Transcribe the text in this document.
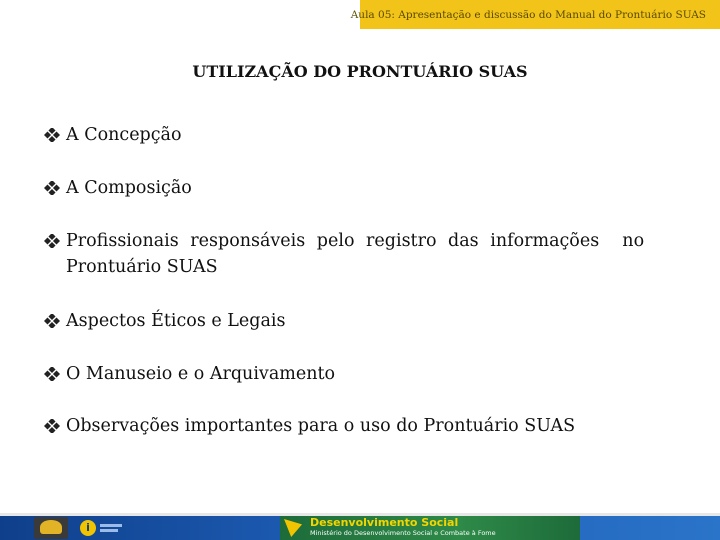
Aula 05: Apresentação e discussão do Manual do Prontuário SUAS
UTILIZAÇÃO DO PRONTUÁRIO SUAS
A Concepção
A Composição
Profissionais responsáveis pelo registro das informações  no
Prontuário SUAS
Aspectos Éticos e Legais
O Manuseio e o Arquivamento
Observações importantes para o uso do Prontuário SUAS
i	Desenvolvimento Social
Ministério do Desenvolvimento Social e Combate à Fome
